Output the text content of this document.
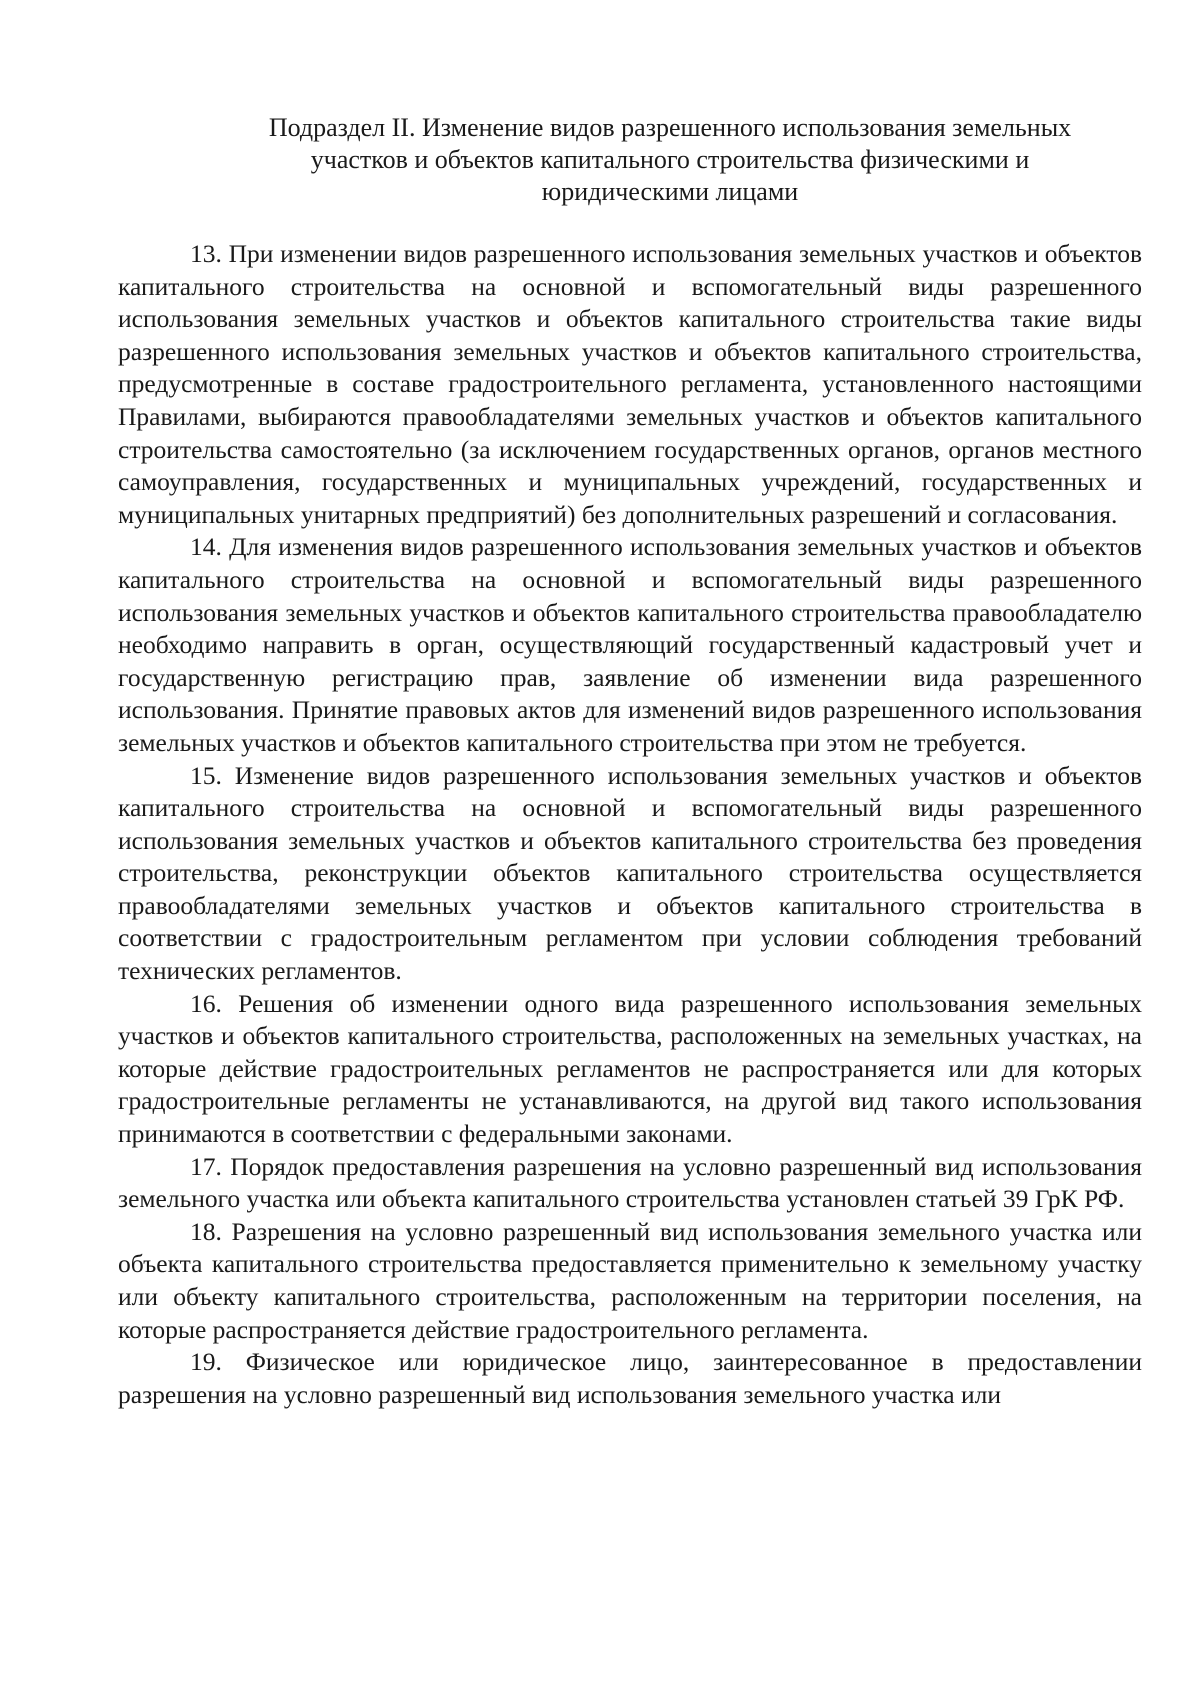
Подраздел II. Изменение видов разрешенного использования земельных
участков и объектов капитального строительства физическими и
юридическими лицами

13. При изменении видов разрешенного использования земельных участков и объектов капитального строительства на основной и вспомогательный виды разрешенного использования земельных участков и объектов капитального строительства такие виды разрешенного использования земельных участков и объектов капитального строительства, предусмотренные в составе градостроительного регламента, установленного настоящими Правилами, выбираются правообладателями земельных участков и объектов капитального строительства самостоятельно (за исключением государственных органов, органов местного самоуправления, государственных и муниципальных учреждений, государственных и муниципальных унитарных предприятий) без дополнительных разрешений и согласования.

14. Для изменения видов разрешенного использования земельных участков и объектов капитального строительства на основной и вспомогательный виды разрешенного использования земельных участков и объектов капитального строительства правообладателю необходимо направить в орган, осуществляющий государственный кадастровый учет и государственную регистрацию прав, заявление об изменении вида разрешенного использования. Принятие правовых актов для изменений видов разрешенного использования земельных участков и объектов капитального строительства при этом не требуется.

15. Изменение видов разрешенного использования земельных участков и объектов капитального строительства на основной и вспомогательный виды разрешенного использования земельных участков и объектов капитального строительства без проведения строительства, реконструкции объектов капитального строительства осуществляется правообладателями земельных участков и объектов капитального строительства в соответствии с градостроительным регламентом при условии соблюдения требований технических регламентов.

16. Решения об изменении одного вида разрешенного использования земельных участков и объектов капитального строительства, расположенных на земельных участках, на которые действие градостроительных регламентов не распространяется или для которых градостроительные регламенты не устанавливаются, на другой вид такого использования принимаются в соответствии с федеральными законами.

17. Порядок предоставления разрешения на условно разрешенный вид использования земельного участка или объекта капитального строительства установлен статьей 39 ГрК РФ.

18. Разрешения на условно разрешенный вид использования земельного участка или объекта капитального строительства предоставляется применительно к земельному участку или объекту капитального строительства, расположенным на территории поселения, на которые распространяется действие градостроительного регламента.

19. Физическое или юридическое лицо, заинтересованное в предоставлении разрешения на условно разрешенный вид использования земельного участка или
